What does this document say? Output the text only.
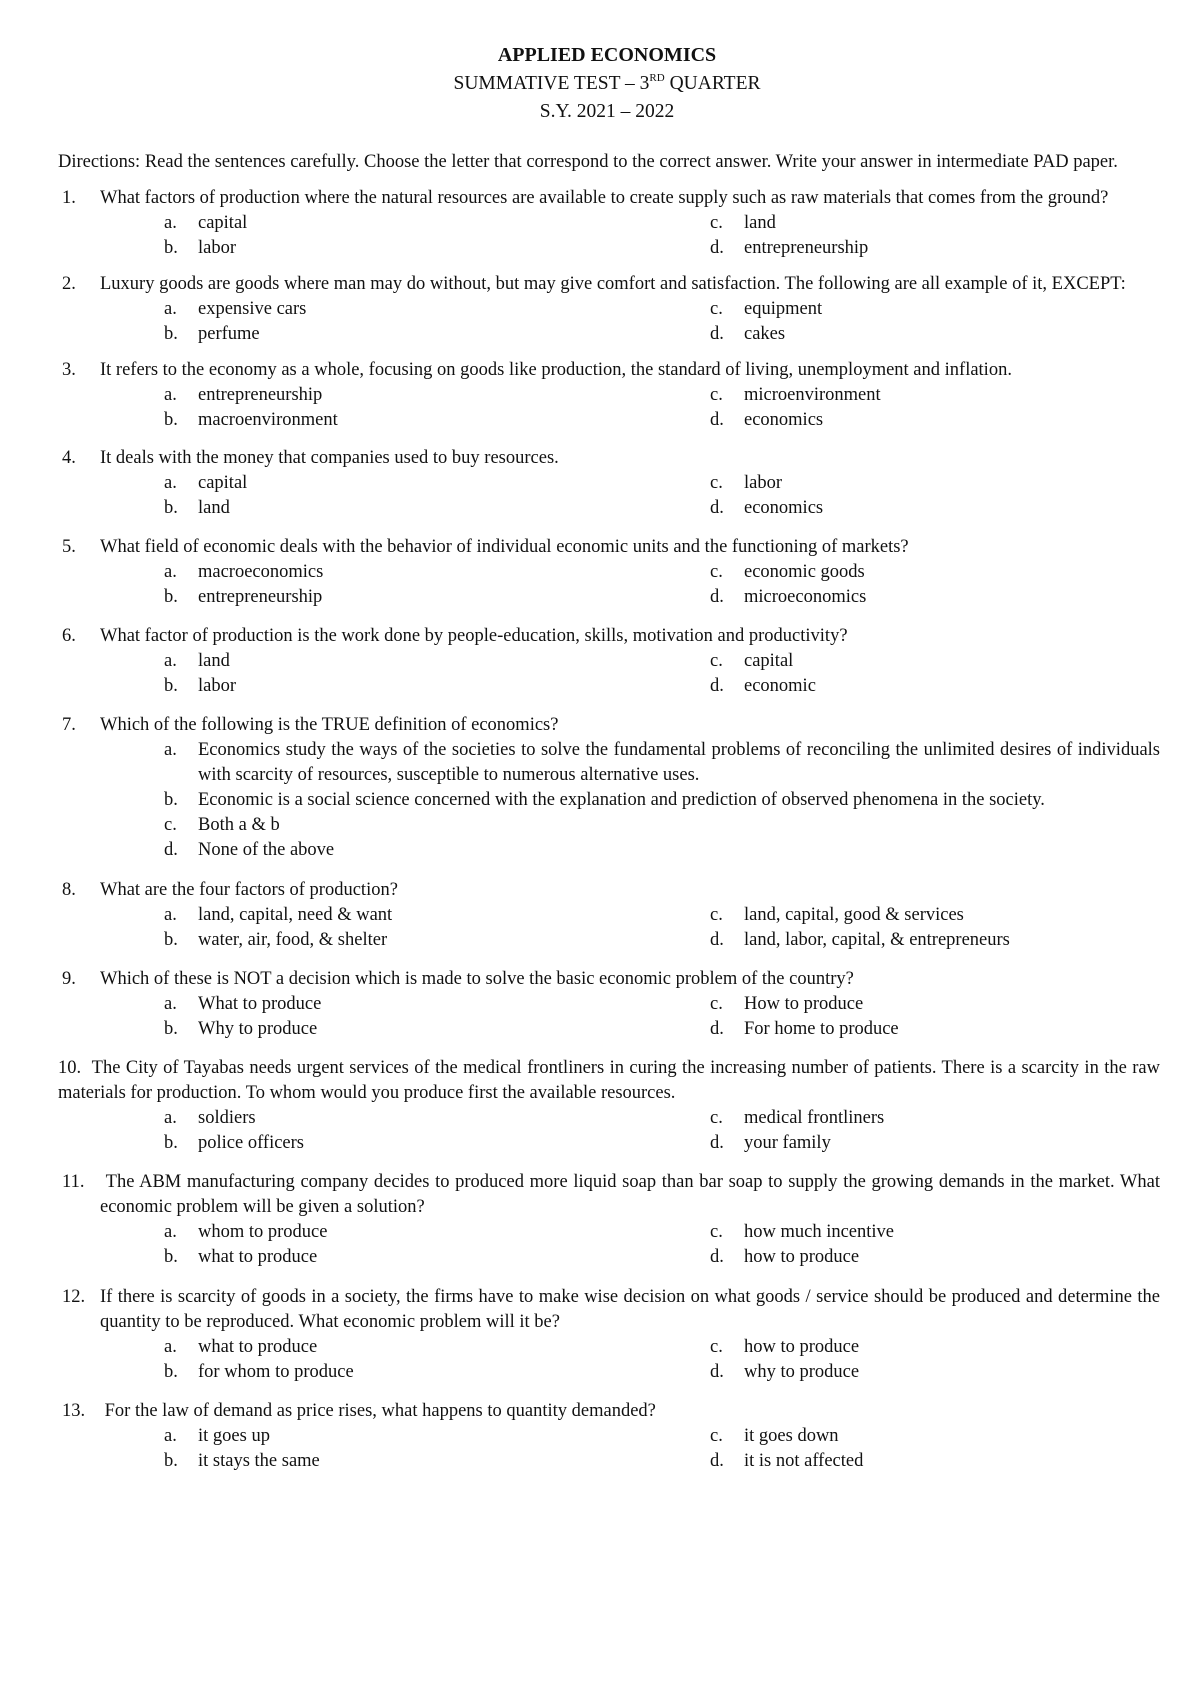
APPLIED ECONOMICS
SUMMATIVE TEST – 3RD QUARTER
S.Y. 2021 – 2022
Directions: Read the sentences carefully. Choose the letter that correspond to the correct answer. Write your answer in intermediate PAD paper.
1. What factors of production where the natural resources are available to create supply such as raw materials that comes from the ground?
a.	capital	c.	land
b.	labor	d.	entrepreneurship
2. Luxury goods are goods where man may do without, but may give comfort and satisfaction. The following are all example of it, EXCEPT:
a.	expensive cars	c.	equipment
b.	perfume	d.	cakes
3. It refers to the economy as a whole, focusing on goods like production, the standard of living, unemployment and inflation.
a.	entrepreneurship	c.	microenvironment
b.	macroenvironment	d.	economics
4. It deals with the money that companies used to buy resources.
a.	capital	c.	labor
b.	land	d.	economics
5. What field of economic deals with the behavior of individual economic units and the functioning of markets?
a.	macroeconomics	c.	economic goods
b.	entrepreneurship	d.	microeconomics
6. What factor of production is the work done by people-education, skills, motivation and productivity?
a.	land	c.	capital
b.	labor	d.	economic
7. Which of the following is the TRUE definition of economics?
a.	Economics study the ways of the societies to solve the fundamental problems of reconciling the unlimited desires of individuals with scarcity of resources, susceptible to numerous alternative uses.
b.	Economic is a social science concerned with the explanation and prediction of observed phenomena in the society.
c.	Both a & b
d.	None of the above
8. What are the four factors of production?
a.	land, capital, need & want	c.	land, capital, good & services
b.	water, air, food, & shelter	d.	land, labor, capital, & entrepreneurs
9. Which of these is NOT a decision which is made to solve the basic economic problem of the country?
a.	What to produce	c.	How to produce
b.	Why to produce	d.	For home to produce
10. The City of Tayabas needs urgent services of the medical frontliners in curing the increasing number of patients. There is a scarcity in the raw materials for production. To whom would you produce first the available resources.
a.	soldiers	c.	medical frontliners
b.	police officers	d.	your family
11. The ABM manufacturing company decides to produced more liquid soap than bar soap to supply the growing demands in the market. What economic problem will be given a solution?
a.	whom to produce	c.	how much incentive
b.	what to produce	d.	how to produce
12. If there is scarcity of goods in a society, the firms have to make wise decision on what goods / service should be produced and determine the quantity to be reproduced. What economic problem will it be?
a.	what to produce	c.	how to produce
b.	for whom to produce	d.	why to produce
13. For the law of demand as price rises, what happens to quantity demanded?
a.	it goes up	c.	it goes down
b.	it stays the same	d.	it is not affected
